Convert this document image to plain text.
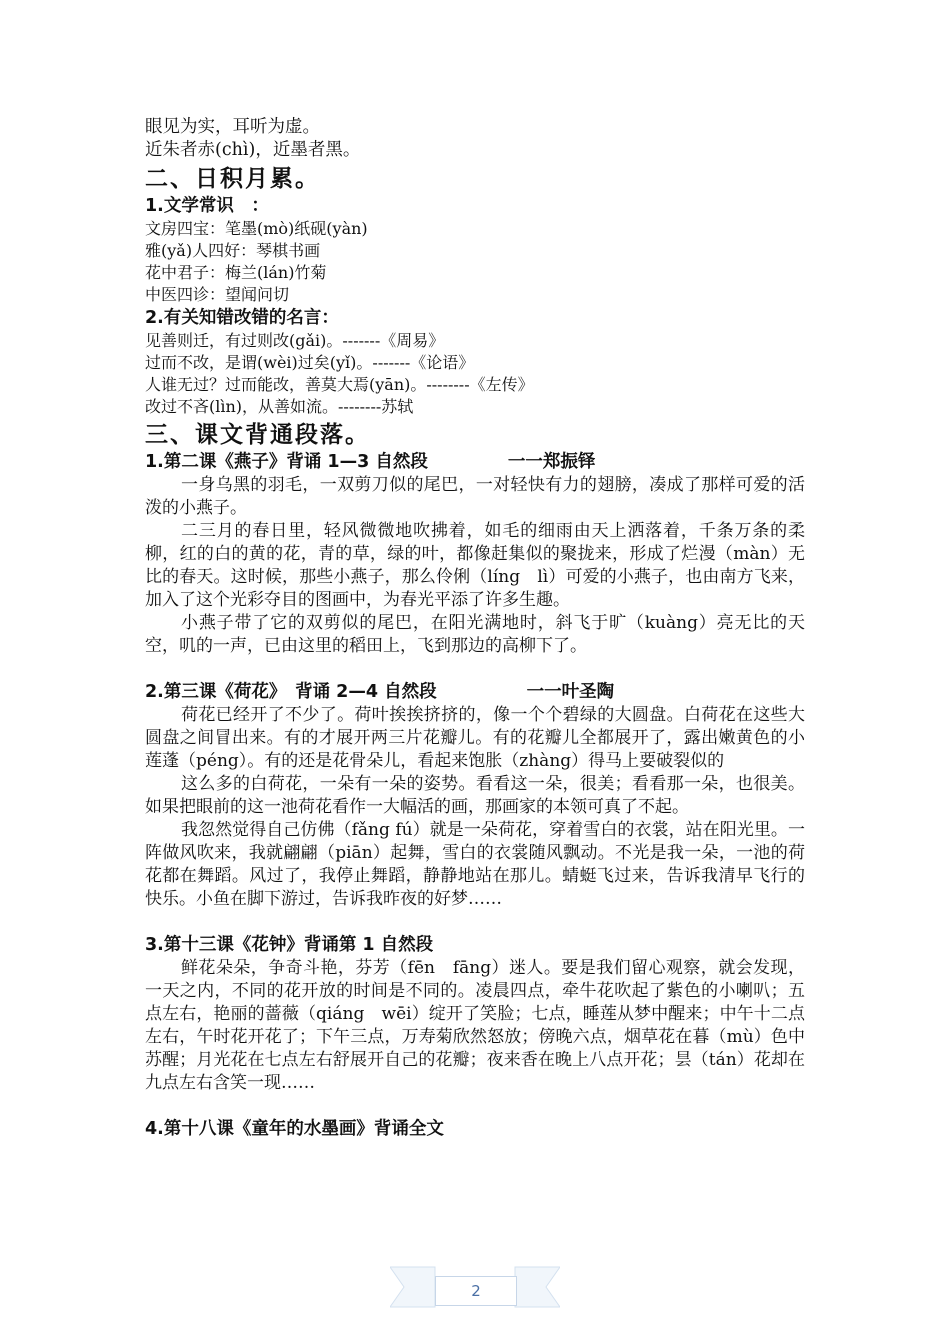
眼见为实，耳听为虚。
近朱者赤(chì)，近墨者黑。
二、日积月累。
1.文学常识　：
文房四宝：笔墨(mò)纸砚(yàn)
雅(yǎ)人四好：琴棋书画
花中君子：梅兰(lán)竹菊
中医四诊：望闻问切
2.有关知错改错的名言：
见善则迁，有过则改(gǎi)。-------《周易》
过而不改，是谓(wèi)过矣(yǐ)。-------《论语》
人谁无过？过而能改，善莫大焉(yān)。--------《左传》
改过不吝(lìn)，从善如流。--------苏轼
三、课文背通段落。
1.第二课《燕子》背诵 1—3 自然段	一一郑振铎

一身乌黑的羽毛，一双剪刀似的尾巴，一对轻快有力的翅膀，凑成了那样可爱的活泼的小燕子。

二三月的春日里，轻风微微地吹拂着，如毛的细雨由天上洒落着，千条万条的柔柳，红的白的黄的花，青的草，绿的叶，都像赶集似的聚拢来，形成了烂漫（màn）无比的春天。这时候，那些小燕子，那么伶俐（líng　lì）可爱的小燕子，也由南方飞来，加入了这个光彩夺目的图画中，为春光平添了许多生趣。

小燕子带了它的双剪似的尾巴，在阳光满地时，斜飞于旷（kuàng）亮无比的天空，叽的一声，已由这里的稻田上，飞到那边的高柳下了。

2.第三课《荷花》　背诵 2—4 自然段	一一叶圣陶

荷花已经开了不少了。荷叶挨挨挤挤的，像一个个碧绿的大圆盘。白荷花在这些大圆盘之间冒出来。有的才展开两三片花瓣儿。有的花瓣儿全都展开了，露出嫩黄色的小莲蓬（péng）。有的还是花骨朵儿，看起来饱胀（zhàng）得马上要破裂似的

这么多的白荷花，一朵有一朵的姿势。看看这一朵，很美；看看那一朵，也很美。如果把眼前的这一池荷花看作一大幅活的画，那画家的本领可真了不起。

我忽然觉得自己仿佛（fǎng fú）就是一朵荷花，穿着雪白的衣裳，站在阳光里。一阵做风吹来，我就翩翩（piān）起舞，雪白的衣裳随风飘动。不光是我一朵，一池的荷花都在舞蹈。风过了，我停止舞蹈，静静地站在那儿。蜻蜓飞过来，告诉我清早飞行的快乐。小鱼在脚下游过，告诉我昨夜的好梦……

3.第十三课《花钟》背诵第 1 自然段

鲜花朵朵，争奇斗艳，芬芳（fēn　fāng）迷人。要是我们留心观察，就会发现，一天之内，不同的花开放的时间是不同的。凌晨四点，牵牛花吹起了紫色的小喇叭；五点左右，艳丽的蔷薇（qiáng　wēi）绽开了笑脸；七点，睡莲从梦中醒来；中午十二点左右，午时花开花了；下午三点，万寿菊欣然怒放；傍晚六点，烟草花在暮（mù）色中苏醒；月光花在七点左右舒展开自己的花瓣；夜来香在晚上八点开花；昙（tán）花却在九点左右含笑一现……

4.第十八课《童年的水墨画》背诵全文
2
